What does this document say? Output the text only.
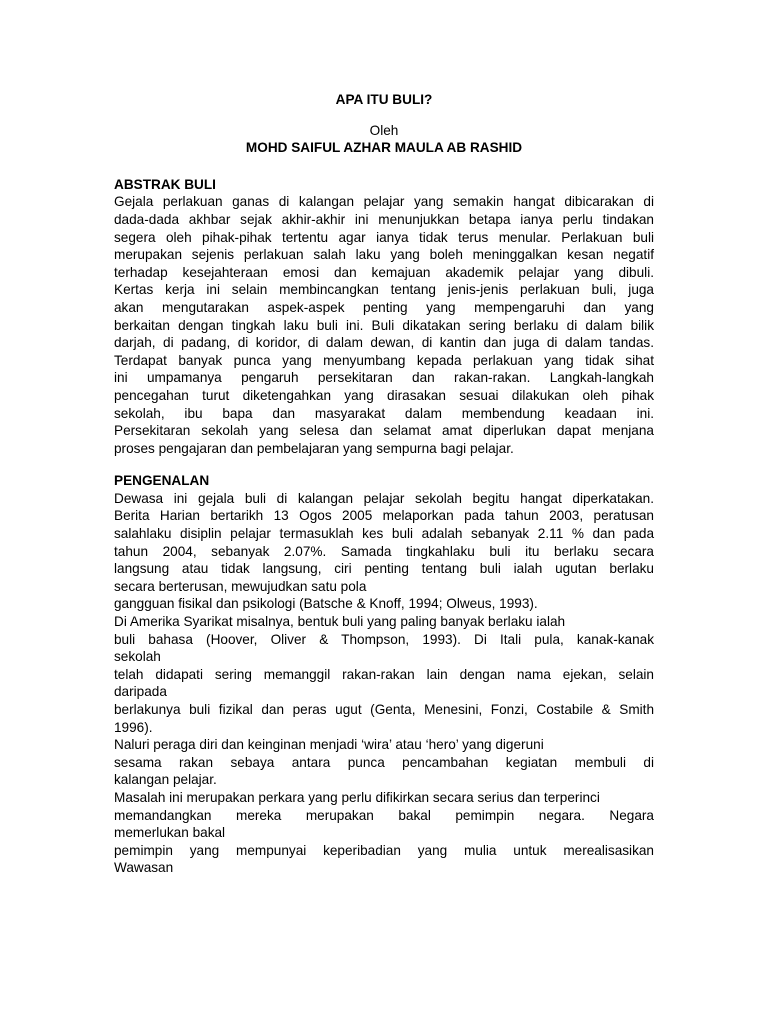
APA ITU BULI?

Oleh

MOHD SAIFUL AZHAR MAULA AB RASHID

ABSTRAK BULI
Gejala perlakuan ganas di kalangan pelajar yang semakin hangat dibicarakan di
dada-dada akhbar sejak akhir-akhir ini menunjukkan betapa ianya perlu tindakan
segera oleh pihak-pihak tertentu agar ianya tidak terus menular. Perlakuan buli
merupakan sejenis perlakuan salah laku yang boleh meninggalkan kesan negatif
terhadap kesejahteraan emosi dan kemajuan akademik pelajar yang dibuli.
Kertas kerja ini selain membincangkan tentang jenis-jenis perlakuan buli, juga
akan mengutarakan aspek-aspek penting yang mempengaruhi dan yang
berkaitan dengan tingkah laku buli ini. Buli dikatakan sering berlaku di dalam bilik
darjah, di padang, di koridor, di dalam dewan, di kantin dan juga di dalam tandas.
Terdapat banyak punca yang menyumbang kepada perlakuan yang tidak sihat
ini umpamanya pengaruh persekitaran dan rakan-rakan. Langkah-langkah
pencegahan turut diketengahkan yang dirasakan sesuai dilakukan oleh pihak
sekolah, ibu bapa dan masyarakat dalam membendung keadaan ini.
Persekitaran sekolah yang selesa dan selamat amat diperlukan dapat menjana
proses pengajaran dan pembelajaran yang sempurna bagi pelajar.
PENGENALAN
Dewasa ini gejala buli di kalangan pelajar sekolah begitu hangat diperkatakan.
Berita Harian bertarikh 13 Ogos 2005 melaporkan pada tahun 2003, peratusan
salahlaku disiplin pelajar termasuklah kes buli adalah sebanyak 2.11 % dan pada
tahun 2004, sebanyak 2.07%. Samada tingkahlaku buli itu berlaku secara
langsung atau tidak langsung, ciri penting tentang buli ialah ugutan berlaku
secara berterusan, mewujudkan satu pola
gangguan fisikal dan psikologi (Batsche & Knoff, 1994; Olweus, 1993).
Di Amerika Syarikat misalnya, bentuk buli yang paling banyak berlaku ialah
buli bahasa (Hoover, Oliver & Thompson, 1993). Di Itali pula, kanak-kanak
sekolah
telah didapati sering memanggil rakan-rakan lain dengan nama ejekan, selain
daripada
berlakunya buli fizikal dan peras ugut (Genta, Menesini, Fonzi, Costabile & Smith
1996).
Naluri peraga diri dan keinginan menjadi ‘wira’ atau ‘hero’ yang digeruni
sesama rakan sebaya antara punca pencambahan kegiatan membuli di
kalangan pelajar.
Masalah ini merupakan perkara yang perlu difikirkan secara serius dan terperinci
memandangkan mereka merupakan bakal pemimpin negara. Negara
memerlukan bakal
pemimpin yang mempunyai keperibadian yang mulia untuk merealisasikan
Wawasan
